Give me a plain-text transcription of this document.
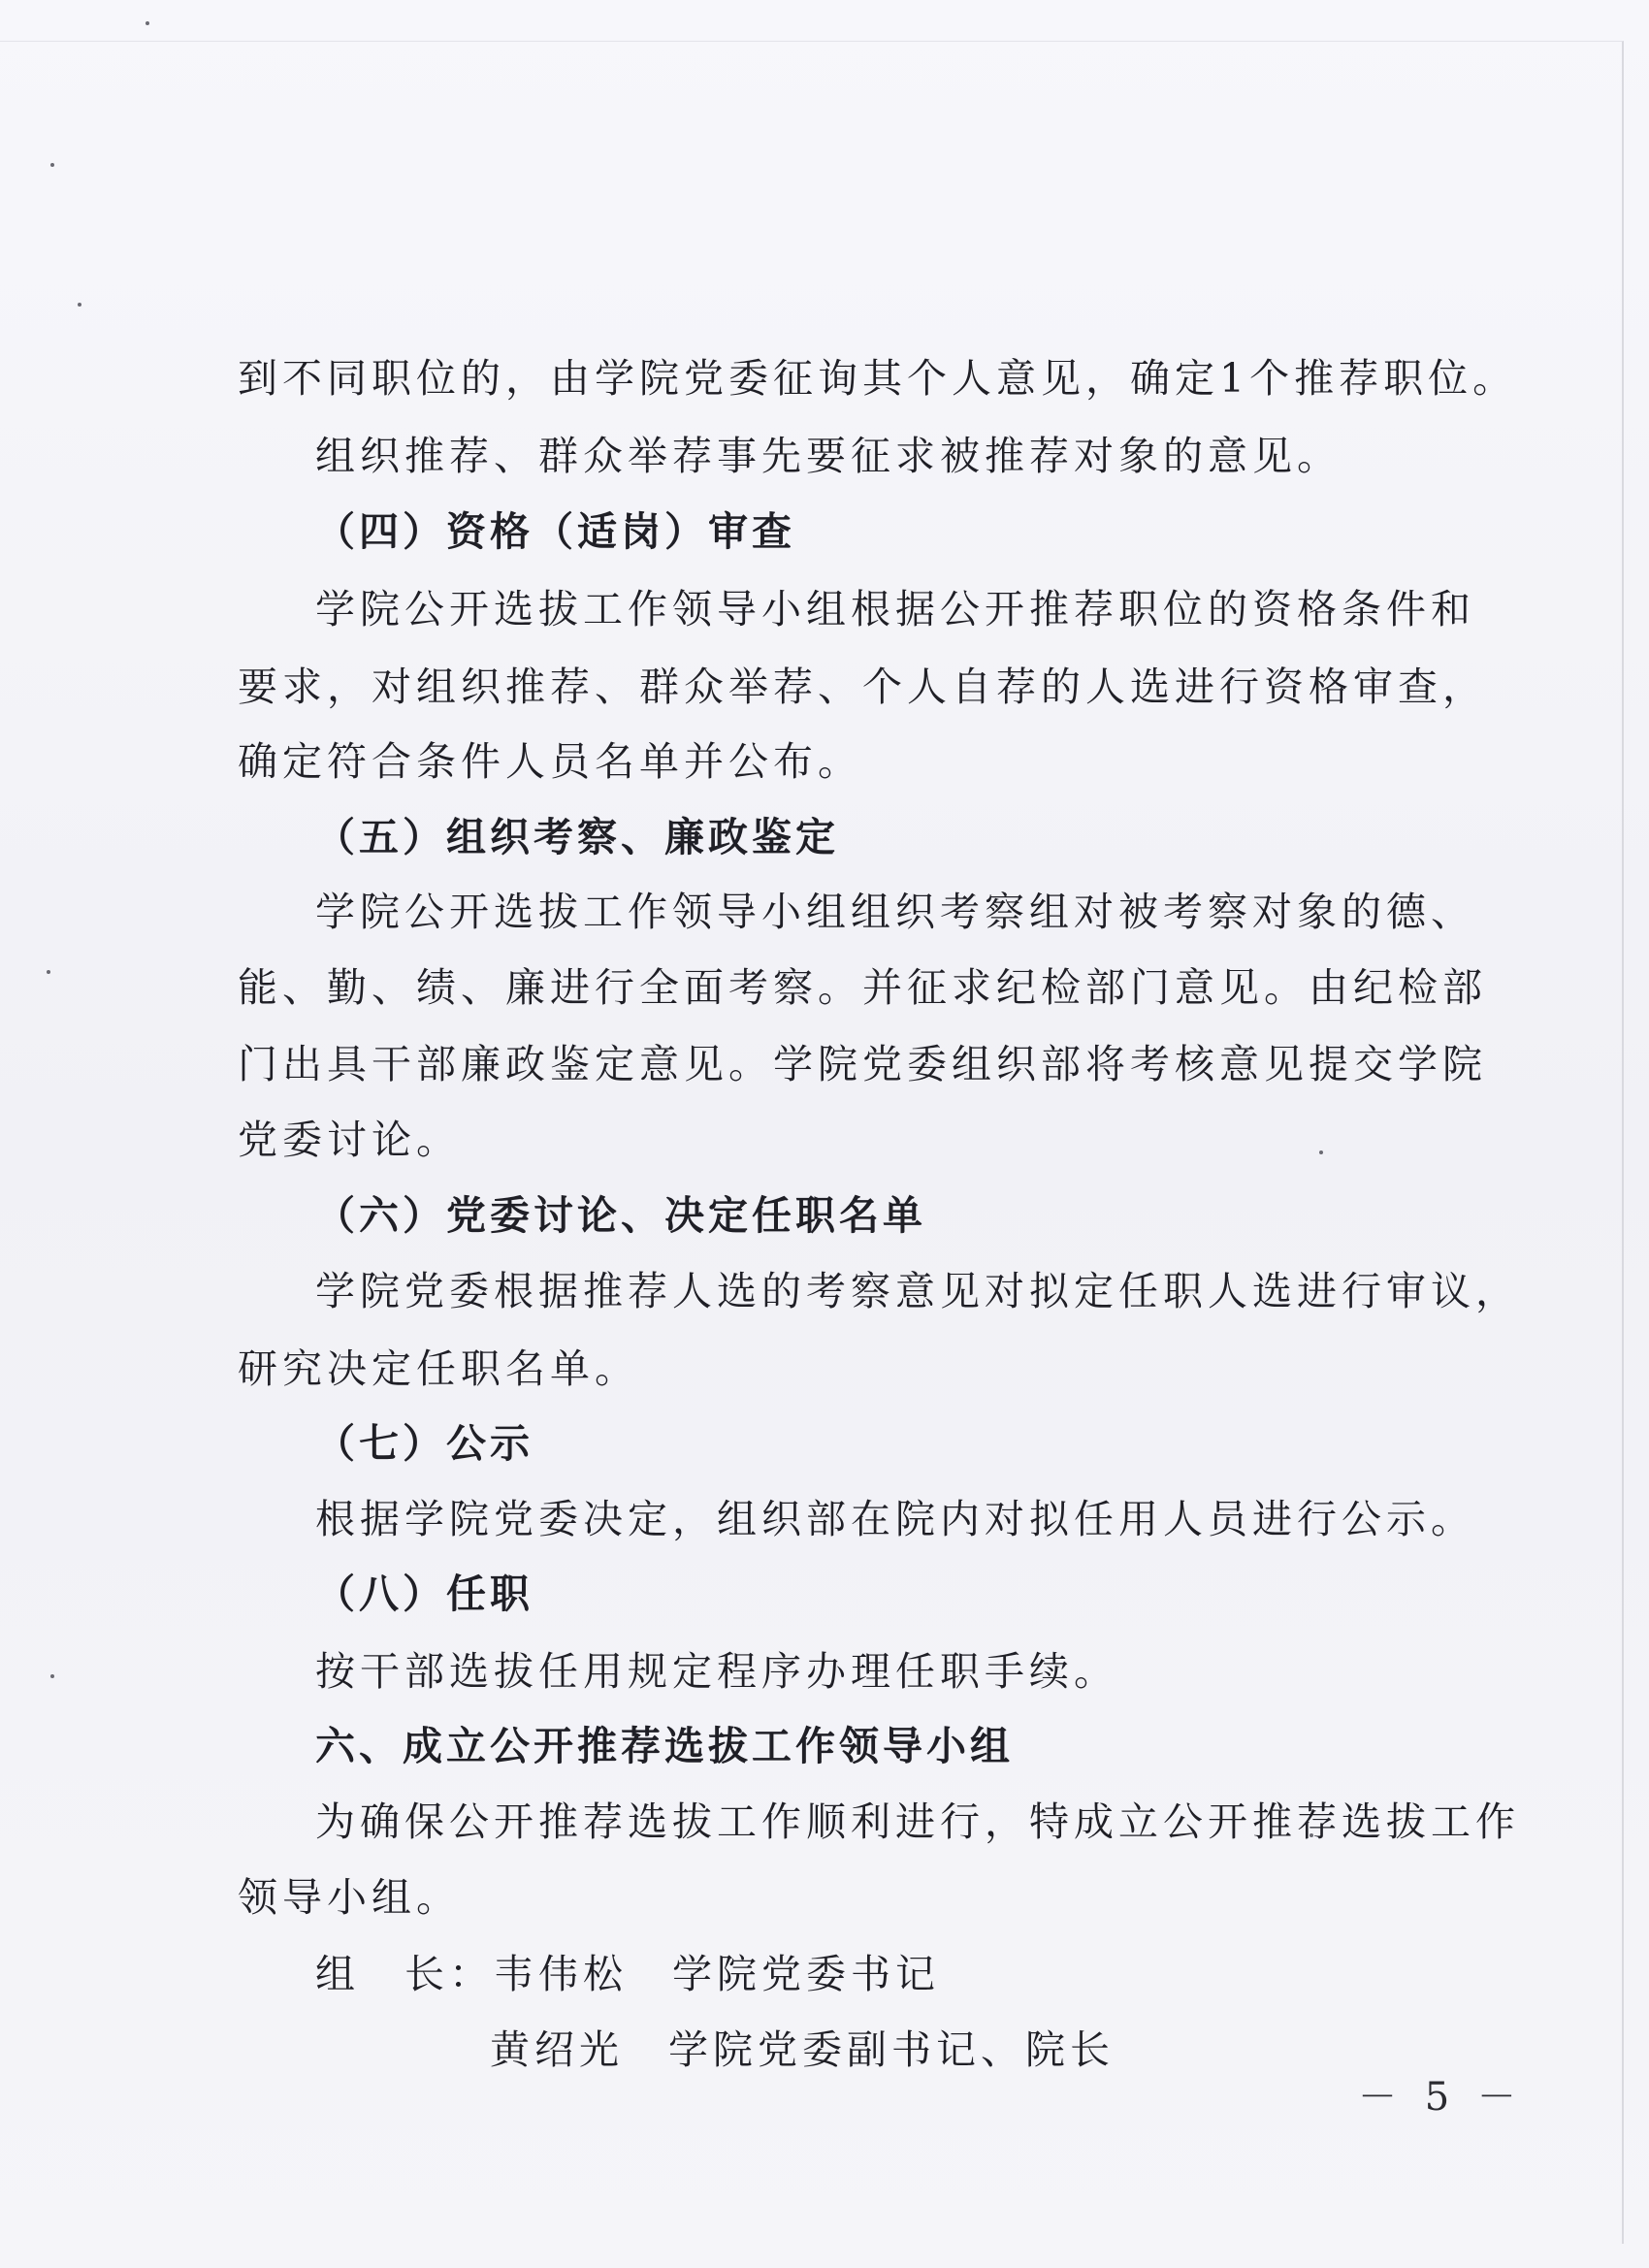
到不同职位的，由学院党委征询其个人意见，确定1个推荐职位。
组织推荐、群众举荐事先要征求被推荐对象的意见。
（四）资格（适岗）审查
学院公开选拔工作领导小组根据公开推荐职位的资格条件和
要求，对组织推荐、群众举荐、个人自荐的人选进行资格审查，
确定符合条件人员名单并公布。
（五）组织考察、廉政鉴定
学院公开选拔工作领导小组组织考察组对被考察对象的德、
能、勤、绩、廉进行全面考察。并征求纪检部门意见。由纪检部
门出具干部廉政鉴定意见。学院党委组织部将考核意见提交学院
党委讨论。
（六）党委讨论、决定任职名单
学院党委根据推荐人选的考察意见对拟定任职人选进行审议，
研究决定任职名单。
（七）公示
根据学院党委决定，组织部在院内对拟任用人员进行公示。
（八）任职
按干部选拔任用规定程序办理任职手续。
六、成立公开推荐选拔工作领导小组
为确保公开推荐选拔工作顺利进行，特成立公开推荐选拔工作
领导小组。
组　长：韦伟松　学院党委书记
黄绍光　学院党委副书记、院长
－ 5 －
